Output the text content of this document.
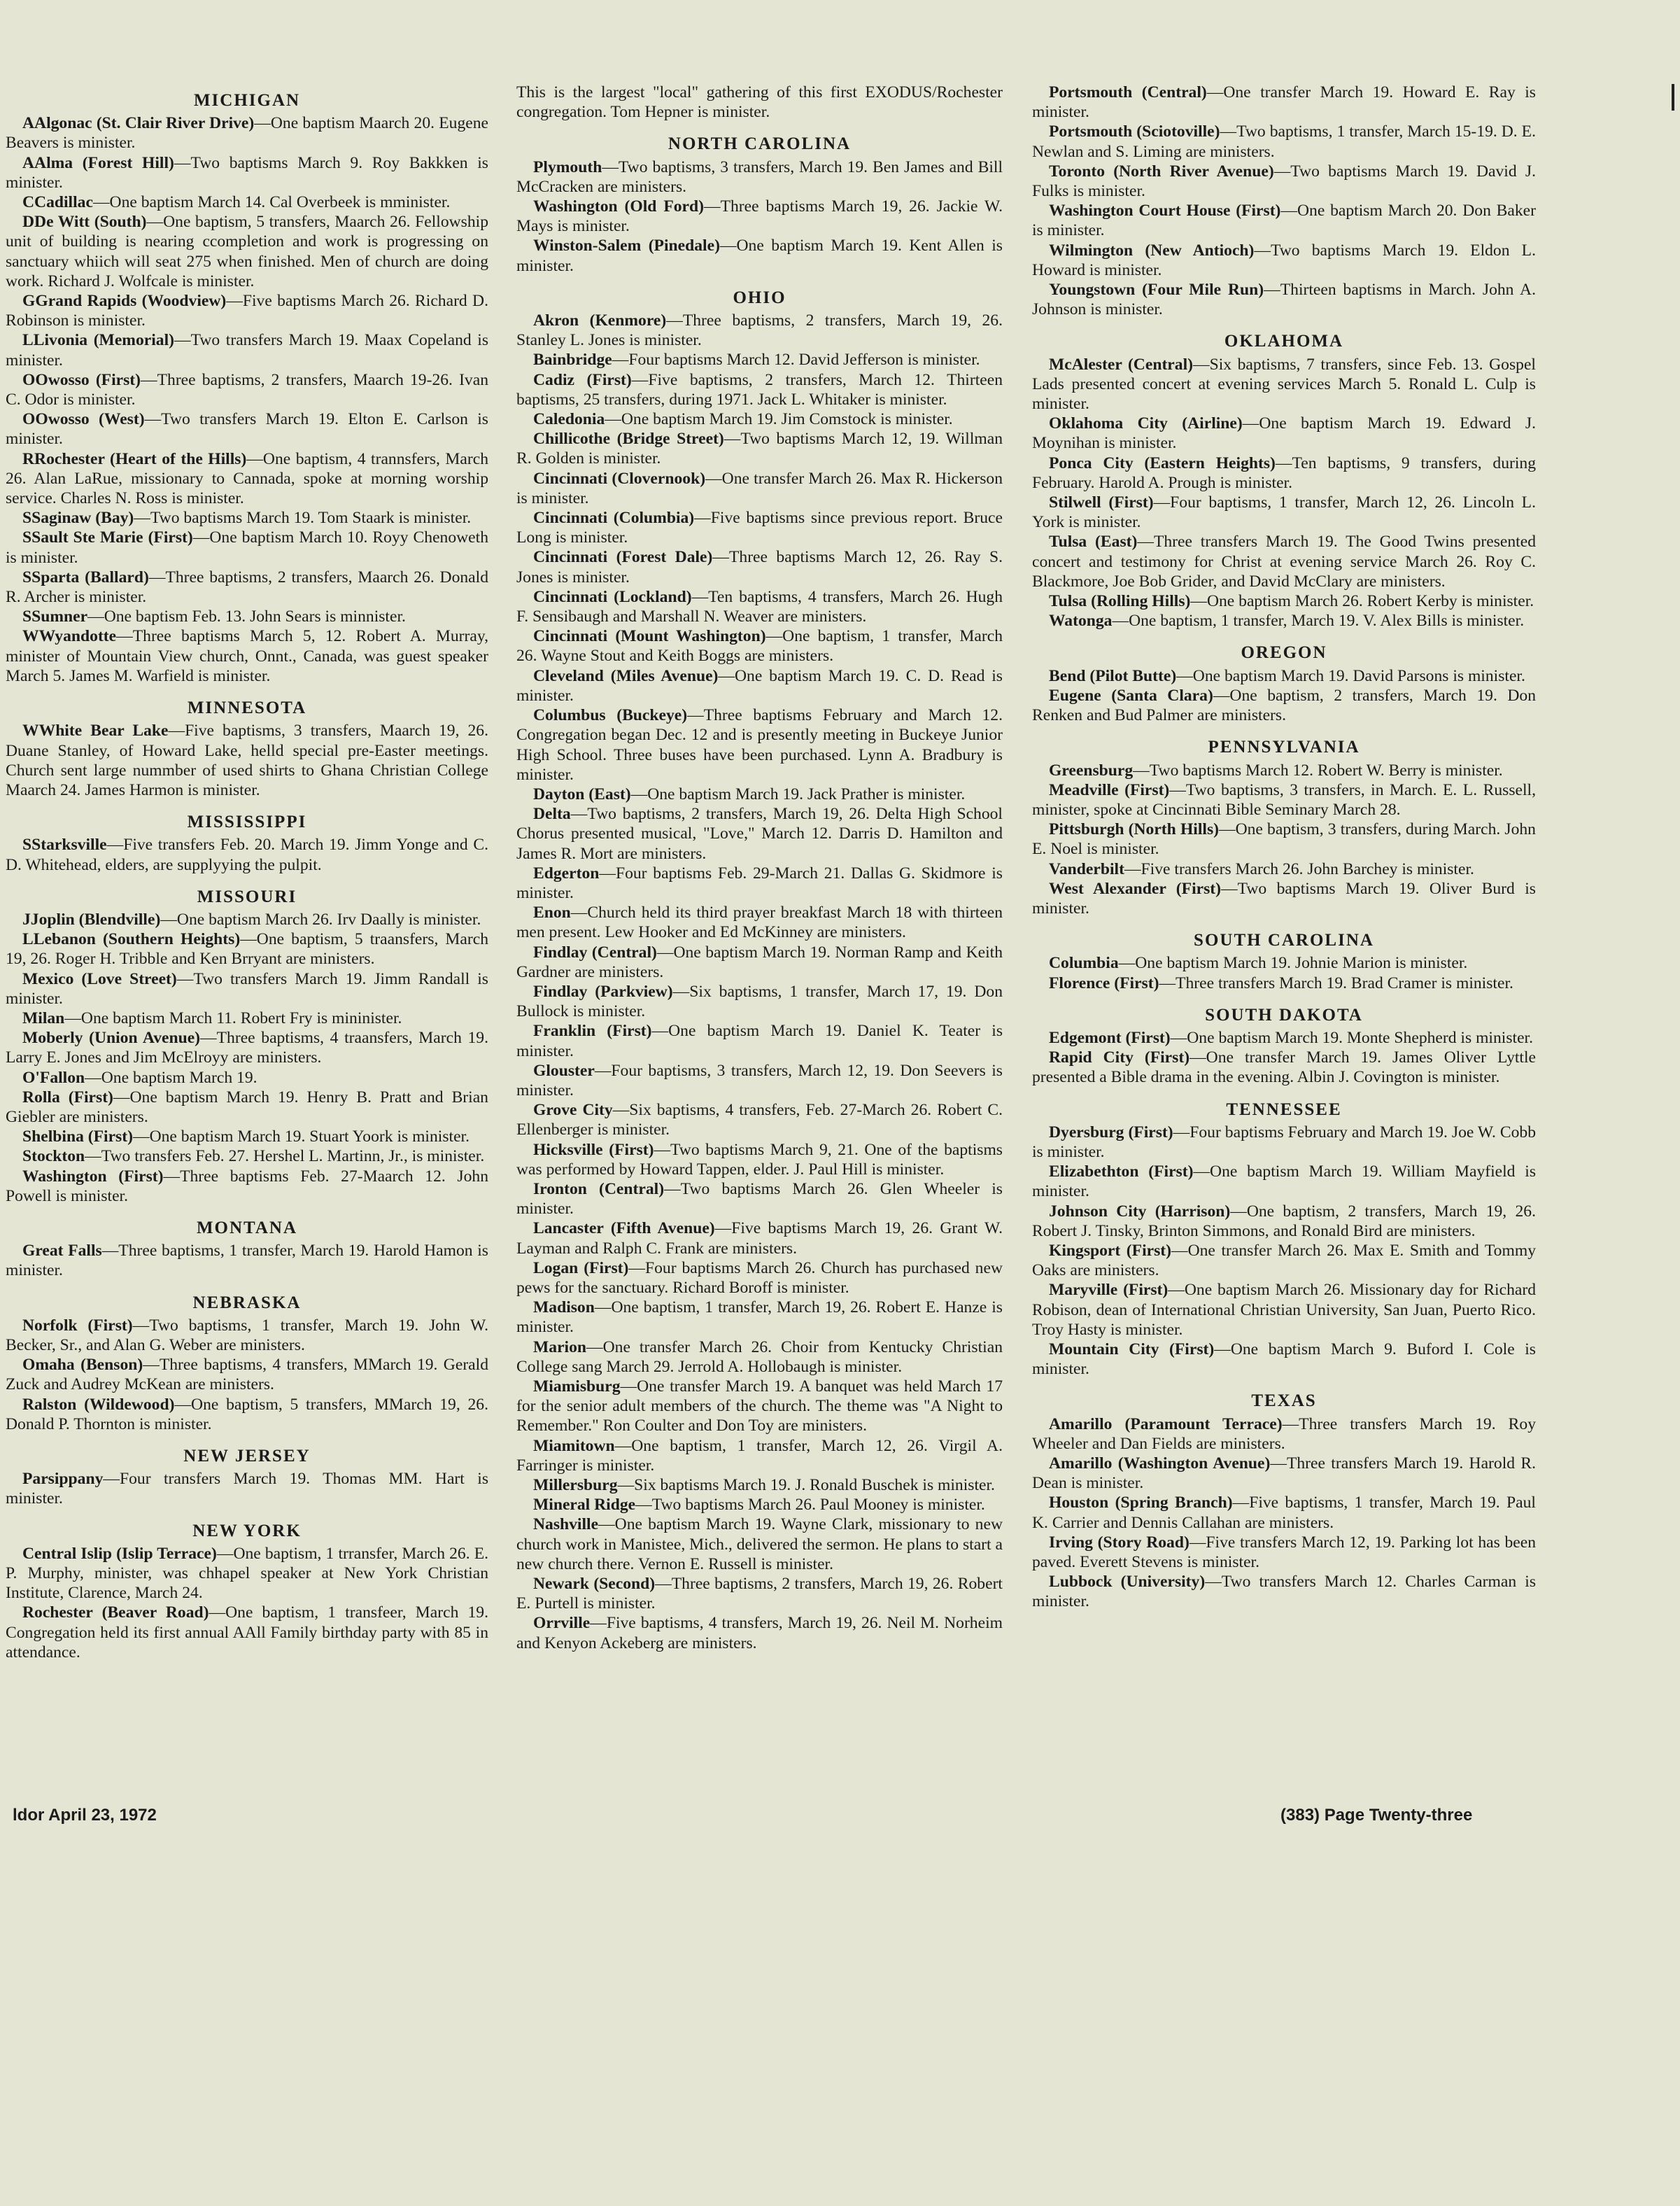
MICHIGAN

AAlgonac (St. Clair River Drive)—One baptism Maarch 20. Eugene Beavers is minister.

AAlma (Forest Hill)—Two baptisms March 9. Roy Bakkken is minister.

CCadillac—One baptism March 14. Cal Overbeek is mminister.

DDe Witt (South)—One baptism, 5 transfers, Maarch 26. Fellowship unit of building is nearing ccompletion and work is progressing on sanctuary whiich will seat 275 when finished. Men of church are doing work. Richard J. Wolfcale is minister.

GGrand Rapids (Woodview)—Five baptisms March 26. Richard D. Robinson is minister.

LLivonia (Memorial)—Two transfers March 19. Maax Copeland is minister.

OOwosso (First)—Three baptisms, 2 transfers, Maarch 19-26. Ivan C. Odor is minister.

OOwosso (West)—Two transfers March 19. Elton E. Carlson is minister.

RRochester (Heart of the Hills)—One baptism, 4 trannsfers, March 26. Alan LaRue, missionary to Cannada, spoke at morning worship service. Charles N. Ross is minister.

SSaginaw (Bay)—Two baptisms March 19. Tom Staark is minister.

SSault Ste Marie (First)—One baptism March 10. Royy Chenoweth is minister.

SSparta (Ballard)—Three baptisms, 2 transfers, Maarch 26. Donald R. Archer is minister.

SSumner—One baptism Feb. 13. John Sears is minnister.

WWyandotte—Three baptisms March 5, 12. Robert A. Murray, minister of Mountain View church, Onnt., Canada, was guest speaker March 5. James M. Warfield is minister.

MINNESOTA

WWhite Bear Lake—Five baptisms, 3 transfers, Maarch 19, 26. Duane Stanley, of Howard Lake, helld special pre-Easter meetings. Church sent large nummber of used shirts to Ghana Christian College Maarch 24. James Harmon is minister.

MISSISSIPPI

SStarksville—Five transfers Feb. 20. March 19. Jimm Yonge and C. D. Whitehead, elders, are supplyying the pulpit.

MISSOURI

JJoplin (Blendville)—One baptism March 26. Irv Daally is minister.

LLebanon (Southern Heights)—One baptism, 5 traansfers, March 19, 26. Roger H. Tribble and Ken Brryant are ministers.

Mexico (Love Street)—Two transfers March 19. Jimm Randall is minister.

Milan—One baptism March 11. Robert Fry is mininister.

Moberly (Union Avenue)—Three baptisms, 4 traansfers, March 19. Larry E. Jones and Jim McElroyy are ministers.

O'Fallon—One baptism March 19.

Rolla (First)—One baptism March 19. Henry B. Pratt and Brian Giebler are ministers.

Shelbina (First)—One baptism March 19. Stuart Yoork is minister.

Stockton—Two transfers Feb. 27. Hershel L. Martinn, Jr., is minister.

Washington (First)—Three baptisms Feb. 27-Maarch 12. John Powell is minister.

MONTANA

Great Falls—Three baptisms, 1 transfer, March 19. Harold Hamon is minister.

NEBRASKA

Norfolk (First)—Two baptisms, 1 transfer, March 19. John W. Becker, Sr., and Alan G. Weber are ministers.

Omaha (Benson)—Three baptisms, 4 transfers, MMarch 19. Gerald Zuck and Audrey McKean are ministers.

Ralston (Wildewood)—One baptism, 5 transfers, MMarch 19, 26. Donald P. Thornton is minister.

NEW JERSEY

Parsippany—Four transfers March 19. Thomas MM. Hart is minister.

NEW YORK

Central Islip (Islip Terrace)—One baptism, 1 trransfer, March 26. E. P. Murphy, minister, was chhapel speaker at New York Christian Institute, Clarence, March 24.

Rochester (Beaver Road)—One baptism, 1 transfeer, March 19. Congregation held its first annual AAll Family birthday party with 85 in attendance.

This is the largest "local" gathering of this first EXODUS/Rochester congregation. Tom Hepner is minister.

NORTH CAROLINA

Plymouth—Two baptisms, 3 transfers, March 19. Ben James and Bill McCracken are ministers.

Washington (Old Ford)—Three baptisms March 19, 26. Jackie W. Mays is minister.

Winston-Salem (Pinedale)—One baptism March 19. Kent Allen is minister.

OHIO

Akron (Kenmore)—Three baptisms, 2 transfers, March 19, 26. Stanley L. Jones is minister.

Bainbridge—Four baptisms March 12. David Jefferson is minister.

Cadiz (First)—Five baptisms, 2 transfers, March 12. Thirteen baptisms, 25 transfers, during 1971. Jack L. Whitaker is minister.

Caledonia—One baptism March 19. Jim Comstock is minister.

Chillicothe (Bridge Street)—Two baptisms March 12, 19. Willman R. Golden is minister.

Cincinnati (Clovernook)—One transfer March 26. Max R. Hickerson is minister.

Cincinnati (Columbia)—Five baptisms since previous report. Bruce Long is minister.

Cincinnati (Forest Dale)—Three baptisms March 12, 26. Ray S. Jones is minister.

Cincinnati (Lockland)—Ten baptisms, 4 transfers, March 26. Hugh F. Sensibaugh and Marshall N. Weaver are ministers.

Cincinnati (Mount Washington)—One baptism, 1 transfer, March 26. Wayne Stout and Keith Boggs are ministers.

Cleveland (Miles Avenue)—One baptism March 19. C. D. Read is minister.

Columbus (Buckeye)—Three baptisms February and March 12. Congregation began Dec. 12 and is presently meeting in Buckeye Junior High School. Three buses have been purchased. Lynn A. Bradbury is minister.

Dayton (East)—One baptism March 19. Jack Prather is minister.

Delta—Two baptisms, 2 transfers, March 19, 26. Delta High School Chorus presented musical, "Love," March 12. Darris D. Hamilton and James R. Mort are ministers.

Edgerton—Four baptisms Feb. 29-March 21. Dallas G. Skidmore is minister.

Enon—Church held its third prayer breakfast March 18 with thirteen men present. Lew Hooker and Ed McKinney are ministers.

Findlay (Central)—One baptism March 19. Norman Ramp and Keith Gardner are ministers.

Findlay (Parkview)—Six baptisms, 1 transfer, March 17, 19. Don Bullock is minister.

Franklin (First)—One baptism March 19. Daniel K. Teater is minister.

Glouster—Four baptisms, 3 transfers, March 12, 19. Don Seevers is minister.

Grove City—Six baptisms, 4 transfers, Feb. 27-March 26. Robert C. Ellenberger is minister.

Hicksville (First)—Two baptisms March 9, 21. One of the baptisms was performed by Howard Tappen, elder. J. Paul Hill is minister.

Ironton (Central)—Two baptisms March 26. Glen Wheeler is minister.

Lancaster (Fifth Avenue)—Five baptisms March 19, 26. Grant W. Layman and Ralph C. Frank are ministers.

Logan (First)—Four baptisms March 26. Church has purchased new pews for the sanctuary. Richard Boroff is minister.

Madison—One baptism, 1 transfer, March 19, 26. Robert E. Hanze is minister.

Marion—One transfer March 26. Choir from Kentucky Christian College sang March 29. Jerrold A. Hollobaugh is minister.

Miamisburg—One transfer March 19. A banquet was held March 17 for the senior adult members of the church. The theme was "A Night to Remember." Ron Coulter and Don Toy are ministers.

Miamitown—One baptism, 1 transfer, March 12, 26. Virgil A. Farringer is minister.

Millersburg—Six baptisms March 19. J. Ronald Buschek is minister.

Mineral Ridge—Two baptisms March 26. Paul Mooney is minister.

Nashville—One baptism March 19. Wayne Clark, missionary to new church work in Manistee, Mich., delivered the sermon. He plans to start a new church there. Vernon E. Russell is minister.

Newark (Second)—Three baptisms, 2 transfers, March 19, 26. Robert E. Purtell is minister.

Orrville—Five baptisms, 4 transfers, March 19, 26. Neil M. Norheim and Kenyon Ackeberg are ministers.

Portsmouth (Central)—One transfer March 19. Howard E. Ray is minister.

Portsmouth (Sciotoville)—Two baptisms, 1 transfer, March 15-19. D. E. Newlan and S. Liming are ministers.

Toronto (North River Avenue)—Two baptisms March 19. David J. Fulks is minister.

Washington Court House (First)—One baptism March 20. Don Baker is minister.

Wilmington (New Antioch)—Two baptisms March 19. Eldon L. Howard is minister.

Youngstown (Four Mile Run)—Thirteen baptisms in March. John A. Johnson is minister.

OKLAHOMA

McAlester (Central)—Six baptisms, 7 transfers, since Feb. 13. Gospel Lads presented concert at evening services March 5. Ronald L. Culp is minister.

Oklahoma City (Airline)—One baptism March 19. Edward J. Moynihan is minister.

Ponca City (Eastern Heights)—Ten baptisms, 9 transfers, during February. Harold A. Prough is minister.

Stilwell (First)—Four baptisms, 1 transfer, March 12, 26. Lincoln L. York is minister.

Tulsa (East)—Three transfers March 19. The Good Twins presented concert and testimony for Christ at evening service March 26. Roy C. Blackmore, Joe Bob Grider, and David McClary are ministers.

Tulsa (Rolling Hills)—One baptism March 26. Robert Kerby is minister.

Watonga—One baptism, 1 transfer, March 19. V. Alex Bills is minister.

OREGON

Bend (Pilot Butte)—One baptism March 19. David Parsons is minister.

Eugene (Santa Clara)—One baptism, 2 transfers, March 19. Don Renken and Bud Palmer are ministers.

PENNSYLVANIA

Greensburg—Two baptisms March 12. Robert W. Berry is minister.

Meadville (First)—Two baptisms, 3 transfers, in March. E. L. Russell, minister, spoke at Cincinnati Bible Seminary March 28.

Pittsburgh (North Hills)—One baptism, 3 transfers, during March. John E. Noel is minister.

Vanderbilt—Five transfers March 26. John Barchey is minister.

West Alexander (First)—Two baptisms March 19. Oliver Burd is minister.

SOUTH CAROLINA

Columbia—One baptism March 19. Johnie Marion is minister.

Florence (First)—Three transfers March 19. Brad Cramer is minister.

SOUTH DAKOTA

Edgemont (First)—One baptism March 19. Monte Shepherd is minister.

Rapid City (First)—One transfer March 19. James Oliver Lyttle presented a Bible drama in the evening. Albin J. Covington is minister.

TENNESSEE

Dyersburg (First)—Four baptisms February and March 19. Joe W. Cobb is minister.

Elizabethton (First)—One baptism March 19. William Mayfield is minister.

Johnson City (Harrison)—One baptism, 2 transfers, March 19, 26. Robert J. Tinsky, Brinton Simmons, and Ronald Bird are ministers.

Kingsport (First)—One transfer March 26. Max E. Smith and Tommy Oaks are ministers.

Maryville (First)—One baptism March 26. Missionary day for Richard Robison, dean of International Christian University, San Juan, Puerto Rico. Troy Hasty is minister.

Mountain City (First)—One baptism March 9. Buford I. Cole is minister.

TEXAS

Amarillo (Paramount Terrace)—Three transfers March 19. Roy Wheeler and Dan Fields are ministers.

Amarillo (Washington Avenue)—Three transfers March 19. Harold R. Dean is minister.

Houston (Spring Branch)—Five baptisms, 1 transfer, March 19. Paul K. Carrier and Dennis Callahan are ministers.

Irving (Story Road)—Five transfers March 12, 19. Parking lot has been paved. Everett Stevens is minister.

Lubbock (University)—Two transfers March 12. Charles Carman is minister.

ldor April 23, 1972	(383) Page Twenty-three
